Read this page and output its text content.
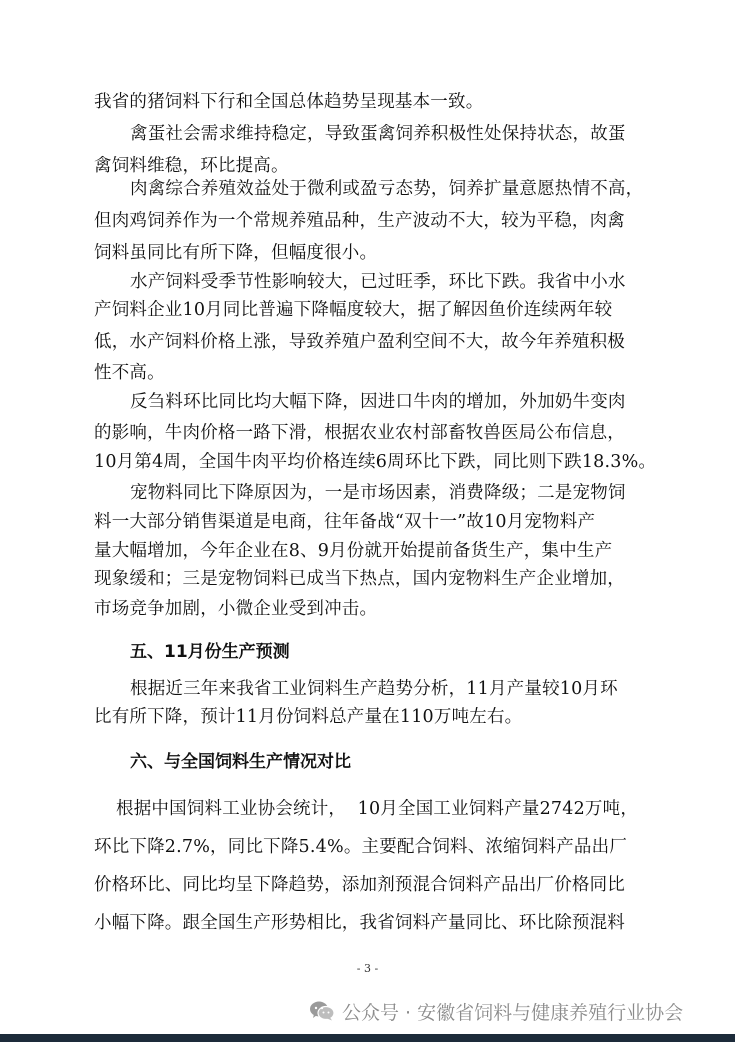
我省的猪饲料下行和全国总体趋势呈现基本一致。
禽蛋社会需求维持稳定，导致蛋禽饲养积极性处保持状态，故蛋
禽饲料维稳，环比提高。
肉禽综合养殖效益处于微利或盈亏态势，饲养扩量意愿热情不高，
但肉鸡饲养作为一个常规养殖品种，生产波动不大，较为平稳，肉禽
饲料虽同比有所下降，但幅度很小。
水产饲料受季节性影响较大，已过旺季，环比下跌。我省中小水
产饲料企业10月同比普遍下降幅度较大，据了解因鱼价连续两年较
低，水产饲料价格上涨，导致养殖户盈利空间不大，故今年养殖积极
性不高。
反刍料环比同比均大幅下降，因进口牛肉的增加，外加奶牛变肉
的影响，牛肉价格一路下滑，根据农业农村部畜牧兽医局公布信息，
10月第4周，全国牛肉平均价格连续6周环比下跌，同比则下跌18.3%。
宠物料同比下降原因为，一是市场因素，消费降级；二是宠物饲
料一大部分销售渠道是电商，往年备战“双十一”故10月宠物料产
量大幅增加，今年企业在8、9月份就开始提前备货生产，集中生产
现象缓和；三是宠物饲料已成当下热点，国内宠物料生产企业增加，
市场竞争加剧，小微企业受到冲击。
五、11月份生产预测
根据近三年来我省工业饲料生产趋势分析，11月产量较10月环
比有所下降，预计11月份饲料总产量在110万吨左右。
六、与全国饲料生产情况对比
根据中国饲料工业协会统计，  10月全国工业饲料产量2742万吨，
环比下降2.7%，同比下降5.4%。主要配合饲料、浓缩饲料产品出厂
价格环比、同比均呈下降趋势，添加剂预混合饲料产品出厂价格同比
小幅下降。跟全国生产形势相比，我省饲料产量同比、环比除预混料
- 3 -
公众号 · 安徽省饲料与健康养殖行业协会
